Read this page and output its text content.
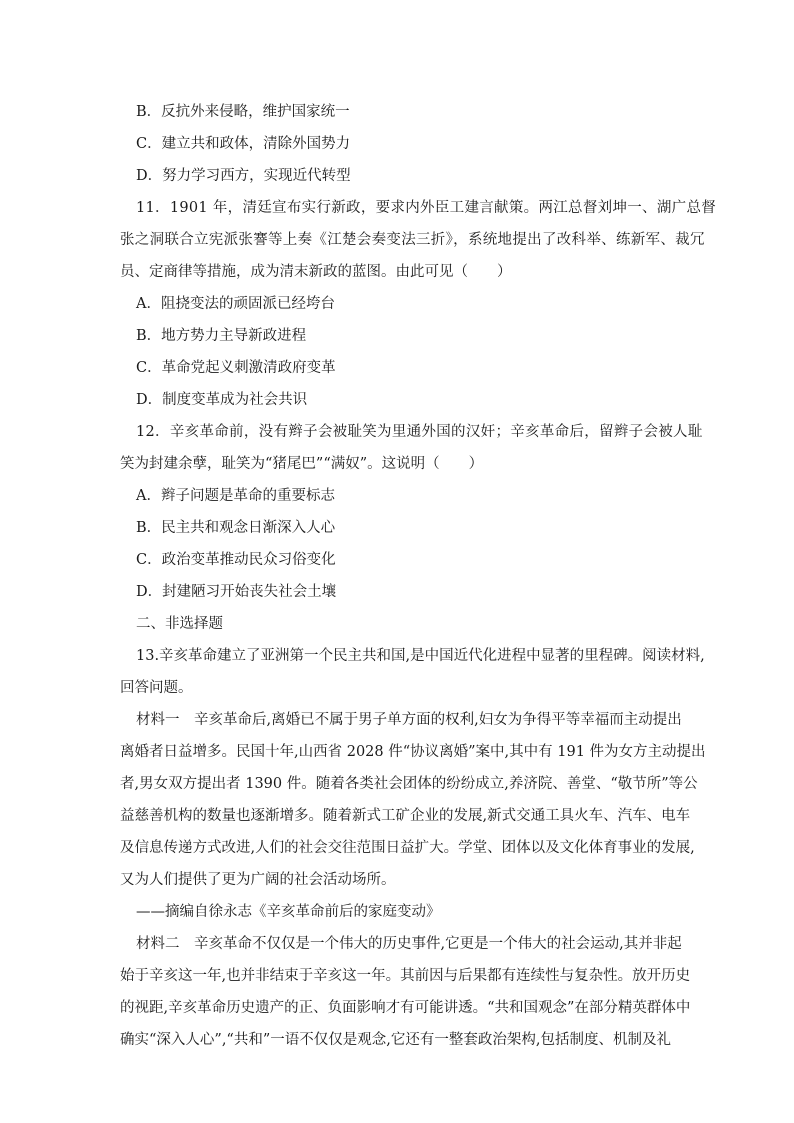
B．反抗外来侵略，维护国家统一
C．建立共和政体，清除外国势力
D．努力学习西方，实现近代转型
11．1901 年，清廷宣布实行新政，要求内外臣工建言献策。两江总督刘坤一、湖广总督
张之洞联合立宪派张謇等上奏《江楚会奏变法三折》，系统地提出了改科举、练新军、裁冗
员、定商律等措施，成为清末新政的蓝图。由此可见（　　）
A．阻挠变法的顽固派已经垮台
B．地方势力主导新政进程
C．革命党起义刺激清政府变革
D．制度变革成为社会共识
12．辛亥革命前，没有辫子会被耻笑为里通外国的汉奸；辛亥革命后，留辫子会被人耻
笑为封建余孽，耻笑为“猪尾巴”“满奴”。这说明（　　）
A．辫子问题是革命的重要标志
B．民主共和观念日渐深入人心
C．政治变革推动民众习俗变化
D．封建陋习开始丧失社会土壤
二、非选择题
13.辛亥革命建立了亚洲第一个民主共和国,是中国近代化进程中显著的里程碑。阅读材料,
回答问题。
材料一　辛亥革命后,离婚已不属于男子单方面的权利,妇女为争得平等幸福而主动提出
离婚者日益增多。民国十年,山西省 2028 件“协议离婚”案中,其中有 191 件为女方主动提出
者,男女双方提出者 1390 件。随着各类社会团体的纷纷成立,养济院、善堂、“敬节所”等公
益慈善机构的数量也逐渐增多。随着新式工矿企业的发展,新式交通工具火车、汽车、电车
及信息传递方式改进,人们的社会交往范围日益扩大。学堂、团体以及文化体育事业的发展,
又为人们提供了更为广阔的社会活动场所。
——摘编自徐永志《辛亥革命前后的家庭变动》
材料二　辛亥革命不仅仅是一个伟大的历史事件,它更是一个伟大的社会运动,其并非起
始于辛亥这一年,也并非结束于辛亥这一年。其前因与后果都有连续性与复杂性。放开历史
的视距,辛亥革命历史遗产的正、负面影响才有可能讲透。“共和国观念”在部分精英群体中
确实“深入人心”,“共和”一语不仅仅是观念,它还有一整套政治架构,包括制度、机制及礼
